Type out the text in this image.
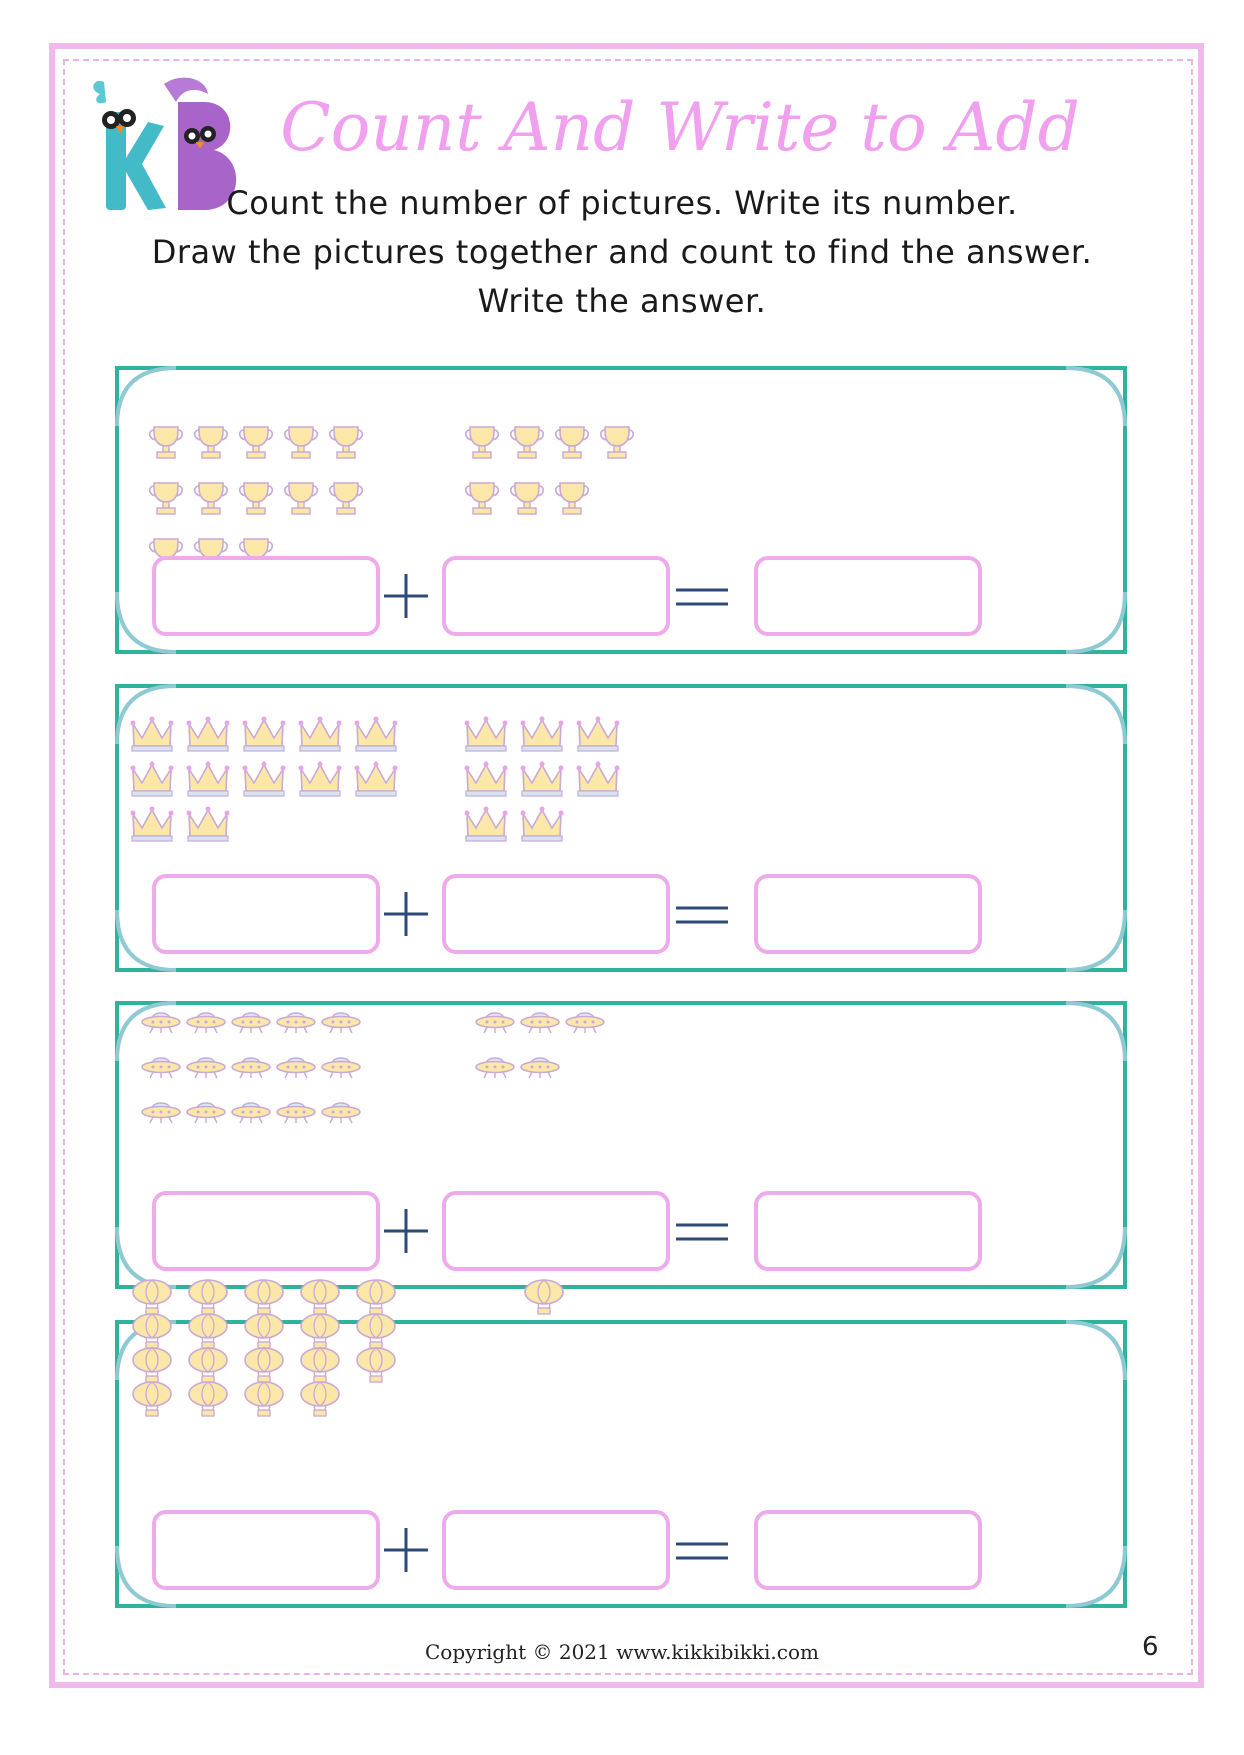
Count And Write to Add
Count the number of pictures. Write its number.
Draw the pictures together and count to find the answer.
Write the answer.
Copyright © 2021 www.kikkibikki.com	6
